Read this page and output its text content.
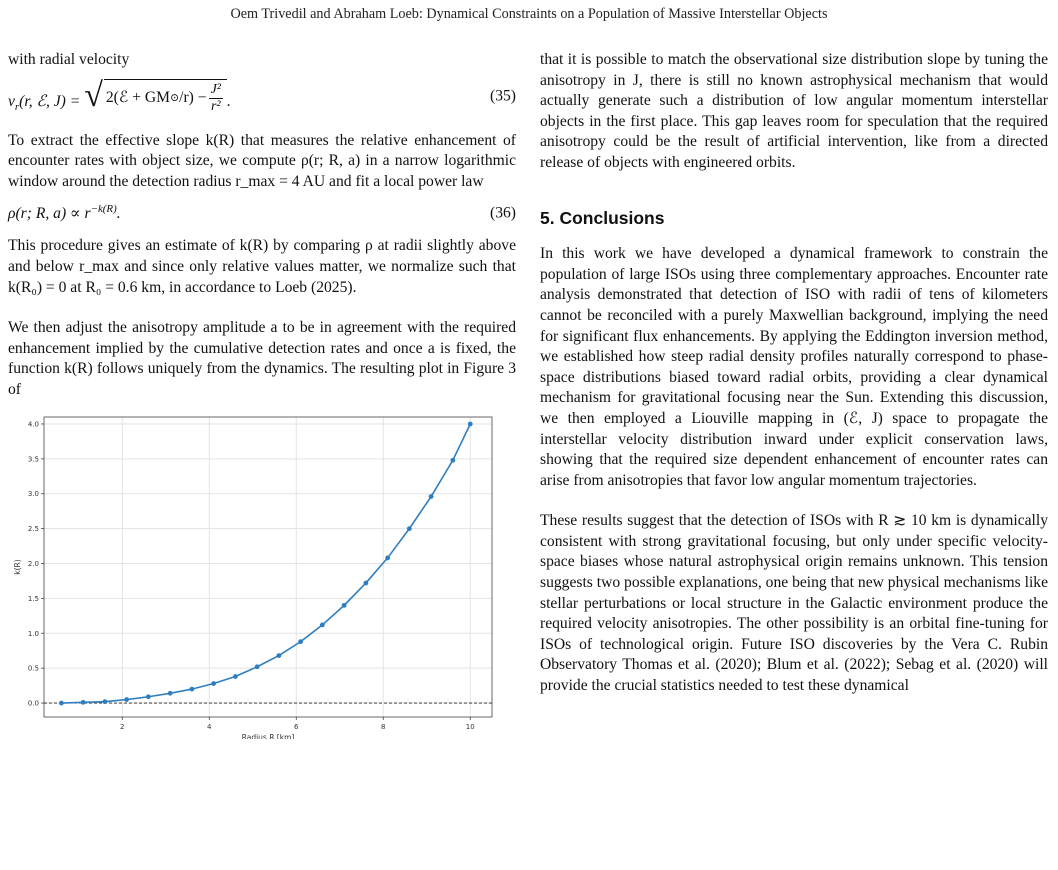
Oem Trivedil and Abraham Loeb: Dynamical Constraints on a Population of Massive Interstellar Objects

with radial velocity

$v_r(r$, ℰ, J) = √ 2(ℰ + GM ⊙ $/r) - \frac{\text{J²}}{\text{r²}}$ .	(35)

To extract the effective slope k(R) that measures the relative enhancement of encounter rates with object size, we compute ρ(r; R, a) in a narrow logarithmic window around the detection radius r_max = 4 AU and fit a local power law

ρ(r; R, $a) \propto r^{-k(R)}$.	(36)

This procedure gives an estimate of k(R) by comparing ρ at radii slightly above and below r_max and since only relative values matter, we normalize such that k(R₀) = 0 at R₀ = 0.6 km, in accordance to Loeb (2025).

We then adjust the anisotropy amplitude a to be in agreement with the required enhancement implied by the cumulative detection rates and once a is fixed, the function k(R) follows uniquely from the dynamics. The resulting plot in Figure 3 of

2	4	6	8	10
0.0
0.5
1.0
1.5
2.0
2.5
3.0
3.5
4.0
Radius R [km]
k(R)

that it is possible to match the observational size distribution slope by tuning the anisotropy in J, there is still no known astrophysical mechanism that would actually generate such a distribution of low angular momentum interstellar objects in the first place. This gap leaves room for speculation that the required anisotropy could be the result of artificial intervention, like from a directed release of objects with engineered orbits.

5. Conclusions

In this work we have developed a dynamical framework to constrain the population of large ISOs using three complementary approaches. Encounter rate analysis demonstrated that detection of ISO with radii of tens of kilometers cannot be reconciled with a purely Maxwellian background, implying the need for significant flux enhancements. By applying the Eddington inversion method, we established how steep radial density profiles naturally correspond to phase-space distributions biased toward radial orbits, providing a clear dynamical mechanism for gravitational focusing near the Sun. Extending this discussion, we then employed a Liouville mapping in (ℰ, J) space to propagate the interstellar velocity distribution inward under explicit conservation laws, showing that the required size dependent enhancement of encounter rates can arise from anisotropies that favor low angular momentum trajectories.

These results suggest that the detection of ISOs with R ≳ 10 km is dynamically consistent with strong gravitational focusing, but only under specific velocity-space biases whose natural astrophysical origin remains unknown. This tension suggests two possible explanations, one being that new physical mechanisms like stellar perturbations or local structure in the Galactic environment produce the required velocity anisotropies. The other possibility is an orbital fine-tuning for ISOs of technological origin. Future ISO discoveries by the Vera C. Rubin Observatory Thomas et al. (2020); Blum et al. (2022); Sebag et al. (2020) will provide the crucial statistics needed to test these dynamical
